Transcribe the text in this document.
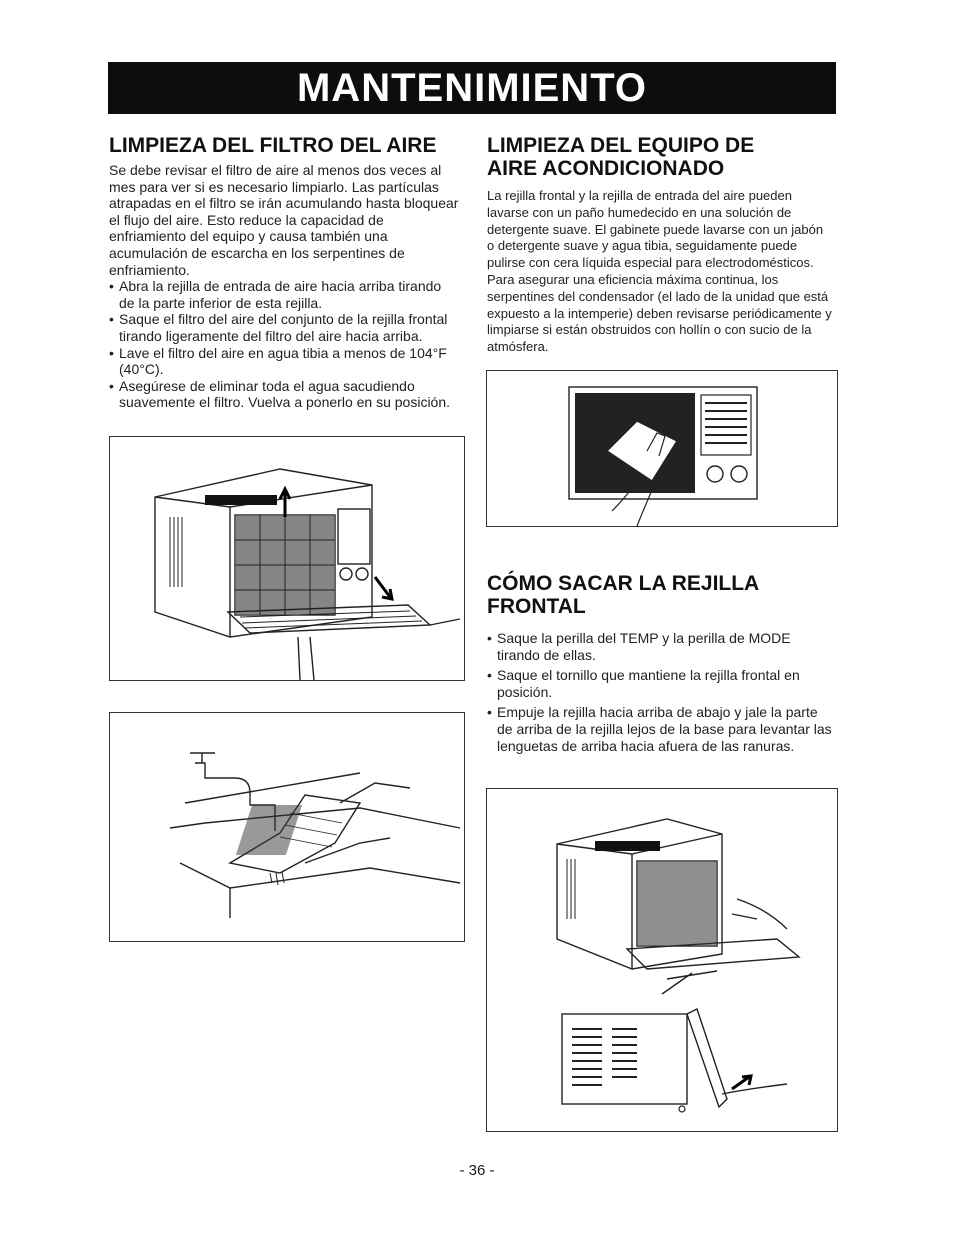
MANTENIMIENTO
LIMPIEZA DEL FILTRO DEL AIRE

Se debe revisar el filtro de aire al menos dos veces al mes para ver si es necesario limpiarlo. Las partículas atrapadas en el filtro se irán acumulando hasta bloquear el flujo del aire. Esto reduce la capacidad de enfriamiento del equipo y causa también una acumulación de escarcha en los serpentines de enfriamiento.

• Abra la rejilla de entrada de aire hacia arriba tirando de la parte inferior de esta rejilla.
• Saque el filtro del aire del conjunto de la rejilla frontal tirando ligeramente del filtro del aire hacia arriba.
• Lave el filtro del aire en agua tibia a menos de 104°F (40°C).
• Asegúrese de eliminar toda el agua sacudiendo suavemente el filtro. Vuelva a ponerlo en su posición.
LIMPIEZA DEL EQUIPO DE
AIRE ACONDICIONADO

La rejilla frontal y la rejilla de entrada del aire pueden lavarse con un paño humedecido en una solución de detergente suave. El gabinete puede lavarse con un jabón o detergente suave y agua tibia, seguidamente puede pulirse con cera líquida especial para electrodomésticos.

Para asegurar una eficiencia máxima continua, los serpentines del condensador (el lado de la unidad que está expuesto a la intemperie) deben revisarse periódicamente y limpiarse si están obstruidos con hollín o con sucio de la atmósfera.

CÓMO SACAR LA REJILLA
FRONTAL
• Saque la perilla del TEMP y la perilla de MODE tirando de ellas.
• Saque el tornillo que mantiene la rejilla frontal en posición.
• Empuje la rejilla hacia arriba de abajo y jale la parte de arriba de la rejilla lejos de la base para levantar las lenguetas de arriba hacia afuera de las ranuras.
- 36 -
